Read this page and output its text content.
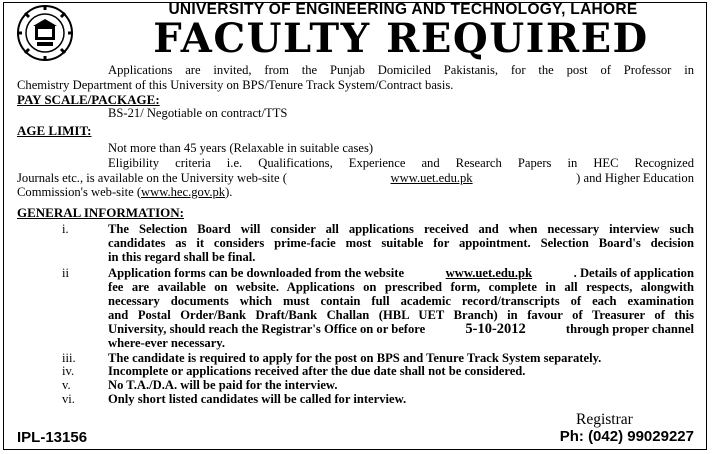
UNIVERSITY OF ENGINEERING AND TECHNOLOGY, LAHORE
FACULTY REQUIRED
Applications are invited, from the Punjab Domiciled Pakistanis, for the post of Professor in
Chemistry Department of this University on BPS/Tenure Track System/Contract basis.
PAY SCALE/PACKAGE:
BS-21/ Negotiable on contract/TTS
AGE LIMIT:
Not more than 45 years (Relaxable in suitable cases)
Eligibility criteria i.e. Qualifications, Experience and Research Papers in HEC Recognized
Journals etc., is available on the University web-site (	www.uet.edu.pk	) and Higher Education
Commission's web-site (www.hec.gov.pk).
GENERAL INFORMATION:
i.	The Selection Board will consider all applications received and when necessary interview such
candidates as it considers prime-facie most suitable for appointment. Selection Board's decision
in this regard shall be final.
ii	Application forms can be downloaded from the website	www.uet.edu.pk	. Details of application
fee are available on website. Applications on prescribed form, complete in all respects, alongwith
necessary documents which must contain full academic record/transcripts of each examination
and Postal Order/Bank Draft/Bank Challan (HBL UET Branch) in favour of Treasurer of this
University, should reach the Registrar's Office on or before	5-10-2012	through proper channel
where-ever necessary.
iii.	The candidate is required to apply for the post on BPS and Tenure Track System separately.
iv.	Incomplete or applications received after the due date shall not be considered.
v.	No T.A./D.A. will be paid for the interview.
vi.	Only short listed candidates will be called for interview.
Registrar
IPL-13156	Ph: (042) 99029227
